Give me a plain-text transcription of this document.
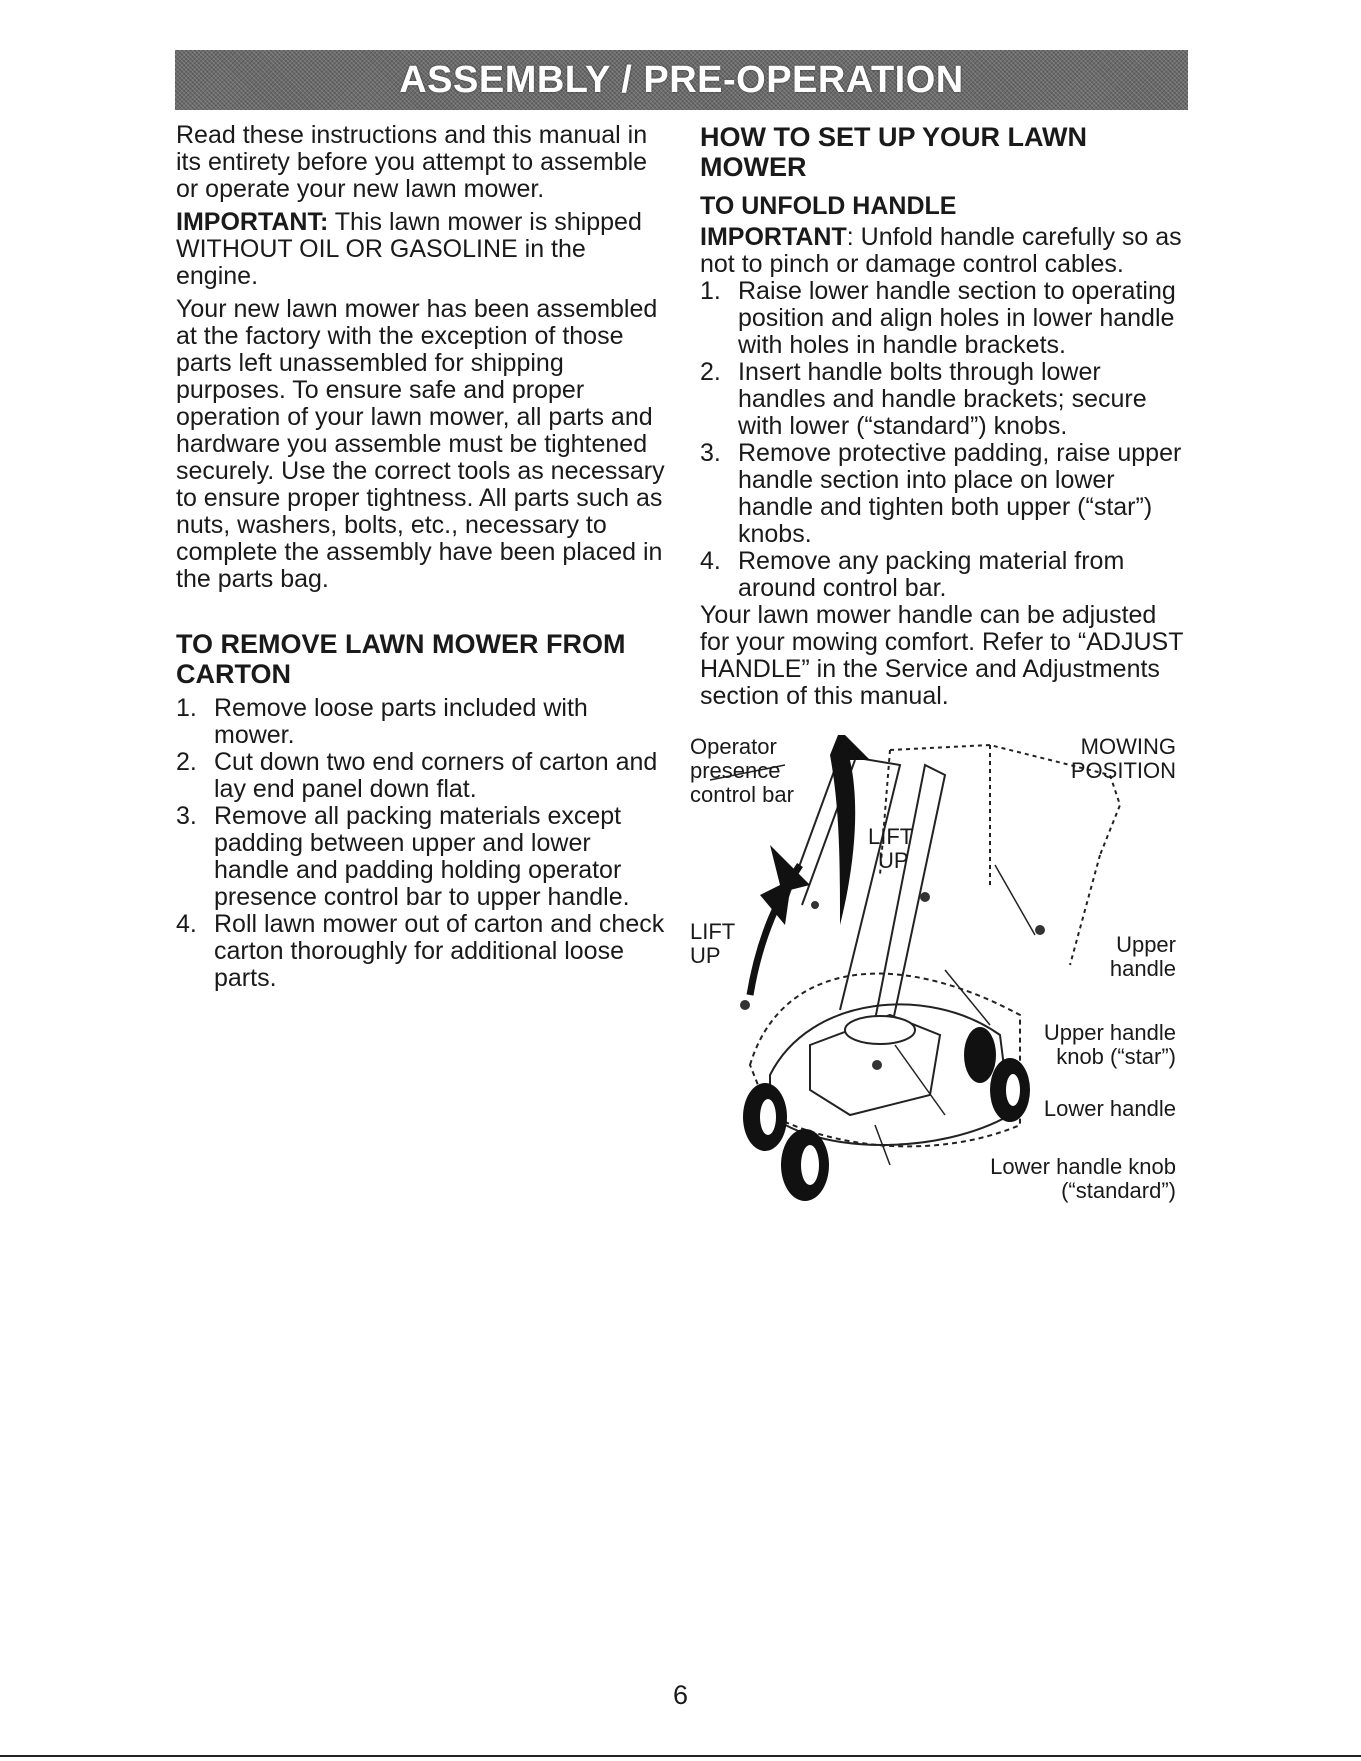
ASSEMBLY / PRE-OPERATION

Read these instructions and this manual in its entirety before you attempt to assemble or operate your new lawn mower.

IMPORTANT: This lawn mower is shipped WITHOUT OIL OR GASOLINE in the engine.

Your new lawn mower has been assembled at the factory with the exception of those parts left unassembled for shipping purposes. To ensure safe and proper operation of your lawn mower, all parts and hardware you assemble must be tightened securely. Use the correct tools as necessary to ensure proper tightness. All parts such as nuts, washers, bolts, etc., necessary to complete the assembly have been placed in the parts bag.

TO REMOVE LAWN MOWER FROM CARTON
1. Remove loose parts included with mower.
2. Cut down two end corners of carton and lay end panel down flat.
3. Remove all packing materials except padding between upper and lower handle and padding holding operator presence control bar to upper handle.
4. Roll lawn mower out of carton and check carton thoroughly for additional loose parts.
HOW TO SET UP YOUR LAWN MOWER
TO UNFOLD HANDLE

IMPORTANT: Unfold handle carefully so as not to pinch or damage control cables.

1. Raise lower handle section to operating position and align holes in lower handle with holes in handle brackets.
2. Insert handle bolts through lower handles and handle brackets; secure with lower (“standard”) knobs.
3. Remove protective padding, raise upper handle section into place on lower handle and tighten both upper (“star”) knobs.
4. Remove any packing material from around control bar.

Your lawn mower handle can be adjusted for your mowing comfort. Refer to “ADJUST HANDLE” in the Service and Adjustments section of this manual.

Operator
presence
control bar
MOWING
POSITION
LIFT
UP
LIFT
UP	Upper
handle
Upper handle
knob (“star”)
Lower handle
Lower handle knob
(“standard”)
6
